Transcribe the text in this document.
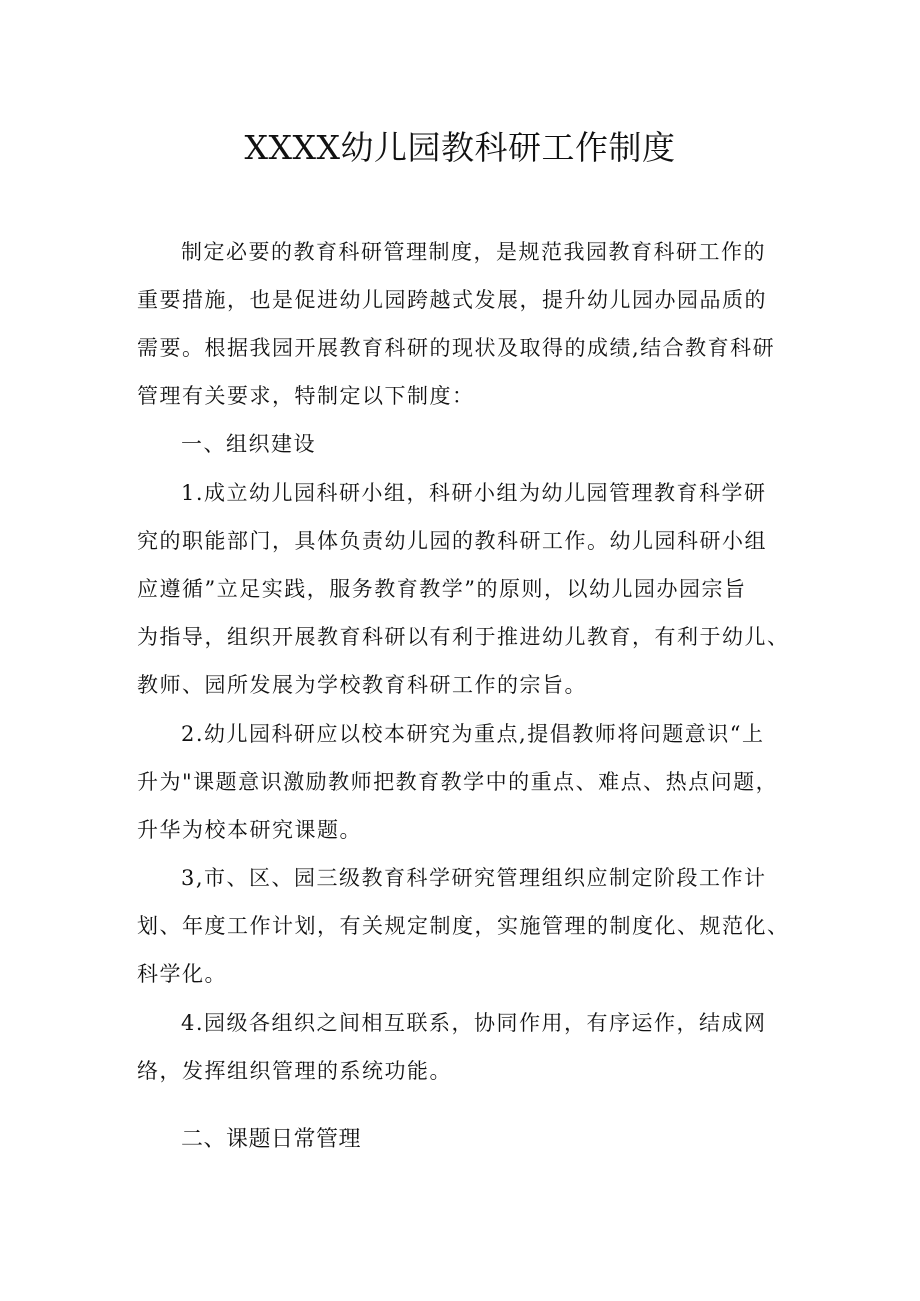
XXXX幼儿园教科研工作制度
制定必要的教育科研管理制度，是规范我园教育科研工作的
重要措施，也是促进幼儿园跨越式发展，提升幼儿园办园品质的
需要。根据我园开展教育科研的现状及取得的成绩,结合教育科研
管理有关要求，特制定以下制度：
一、组织建设
1.成立幼儿园科研小组，科研小组为幼儿园管理教育科学研
究的职能部门，具体负责幼儿园的教科研工作。幼儿园科研小组
应遵循”立足实践，服务教育教学”的原则，以幼儿园办园宗旨
为指导，组织开展教育科研以有利于推进幼儿教育，有利于幼儿、
教师、园所发展为学校教育科研工作的宗旨。
2.幼儿园科研应以校本研究为重点,提倡教师将问题意识“上
升为"课题意识激励教师把教育教学中的重点、难点、热点问题，
升华为校本研究课题。
3,市、区、园三级教育科学研究管理组织应制定阶段工作计
划、年度工作计划，有关规定制度，实施管理的制度化、规范化、
科学化。
4.园级各组织之间相互联系，协同作用，有序运作，结成网
络，发挥组织管理的系统功能。
二、课题日常管理
